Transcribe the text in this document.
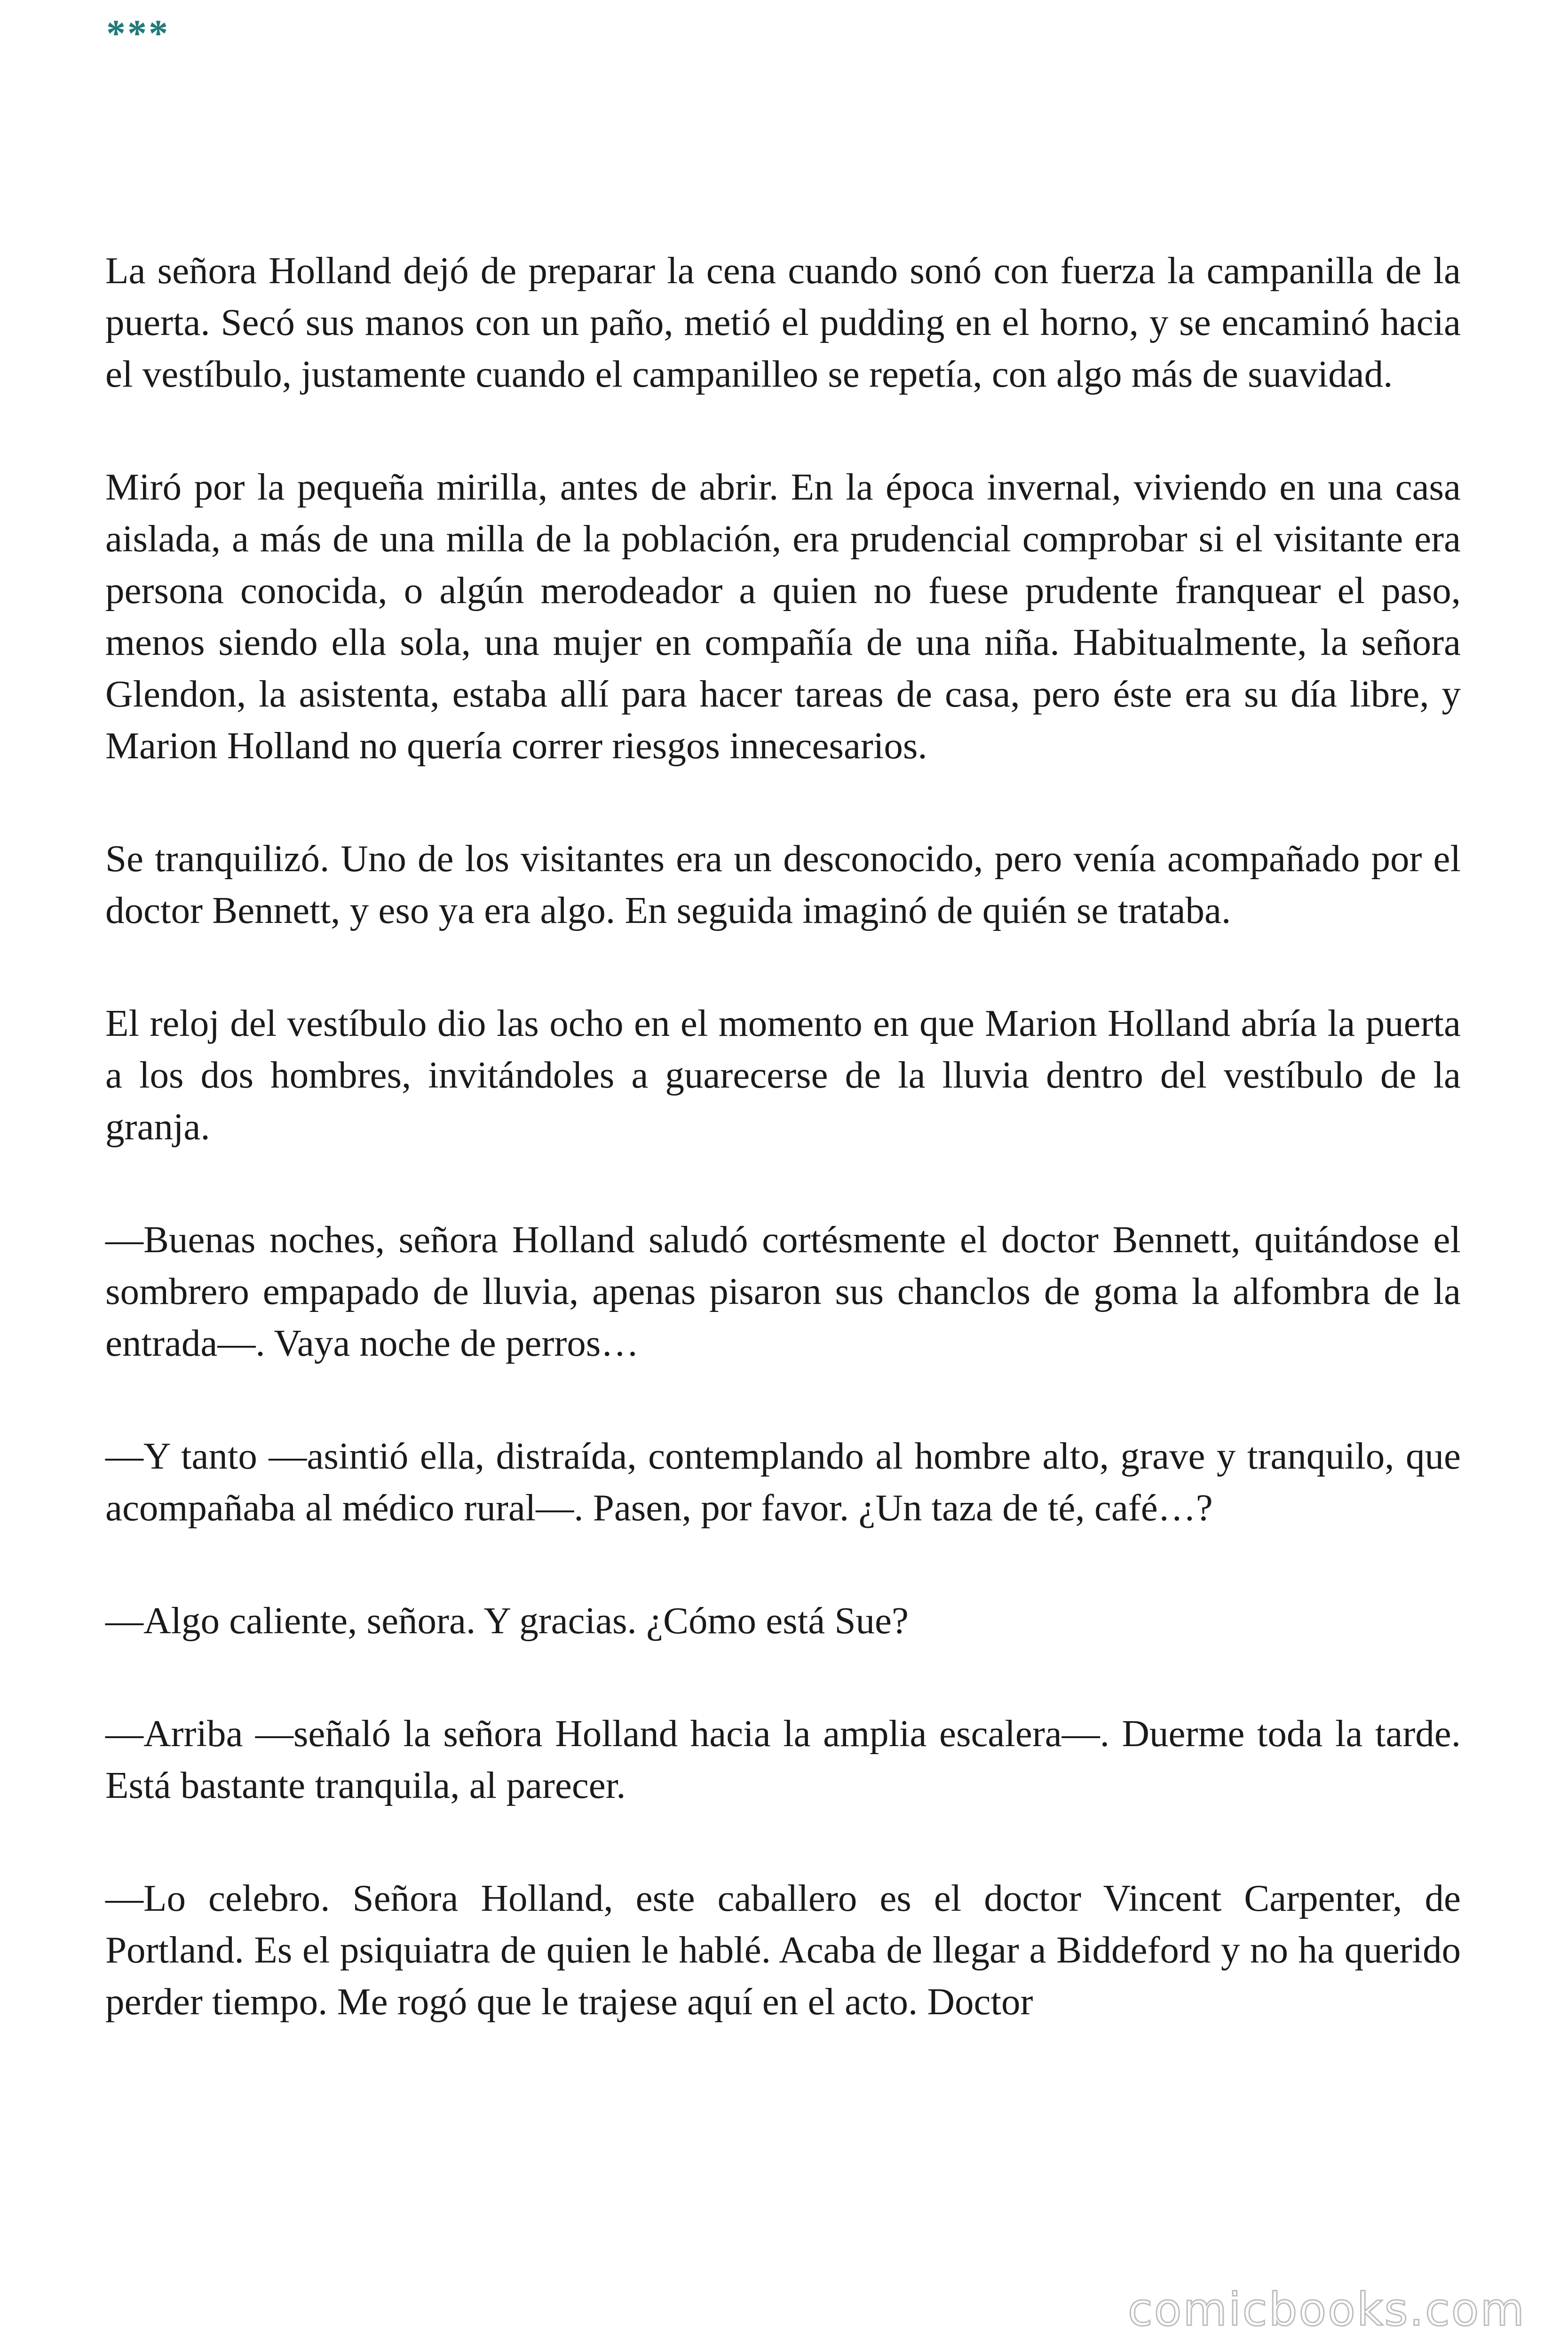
***

La señora Holland dejó de preparar la cena cuando sonó con fuerza la campanilla de la puerta. Secó sus manos con un paño, metió el pudding en el horno, y se encaminó hacia el vestíbulo, justamente cuando el campanilleo se repetía, con algo más de suavidad.

Miró por la pequeña mirilla, antes de abrir. En la época invernal, viviendo en una casa aislada, a más de una milla de la población, era prudencial comprobar si el visitante era persona conocida, o algún merodeador a quien no fuese prudente franquear el paso, menos siendo ella sola, una mujer en compañía de una niña. Habitualmente, la señora Glendon, la asistenta, estaba allí para hacer tareas de casa, pero éste era su día libre, y Marion Holland no quería correr riesgos innecesarios.

Se tranquilizó. Uno de los visitantes era un desconocido, pero venía acompañado por el doctor Bennett, y eso ya era algo. En seguida imaginó de quién se trataba.

El reloj del vestíbulo dio las ocho en el momento en que Marion Holland abría la puerta a los dos hombres, invitándoles a guarecerse de la lluvia dentro del vestíbulo de la granja.

—Buenas noches, señora Holland saludó cortésmente el doctor Bennett, quitándose el sombrero empapado de lluvia, apenas pisaron sus chanclos de goma la alfombra de la entrada—. Vaya noche de perros…

—Y tanto —asintió ella, distraída, contemplando al hombre alto, grave y tranquilo, que acompañaba al médico rural—. Pasen, por favor. ¿Un taza de té, café…?

—Algo caliente, señora. Y gracias. ¿Cómo está Sue?

—Arriba —señaló la señora Holland hacia la amplia escalera—. Duerme toda la tarde. Está bastante tranquila, al parecer.

—Lo celebro. Señora Holland, este caballero es el doctor Vincent Carpenter, de Portland. Es el psiquiatra de quien le hablé. Acaba de llegar a Biddeford y no ha querido perder tiempo. Me rogó que le trajese aquí en el acto. Doctor

comicbooks.com
